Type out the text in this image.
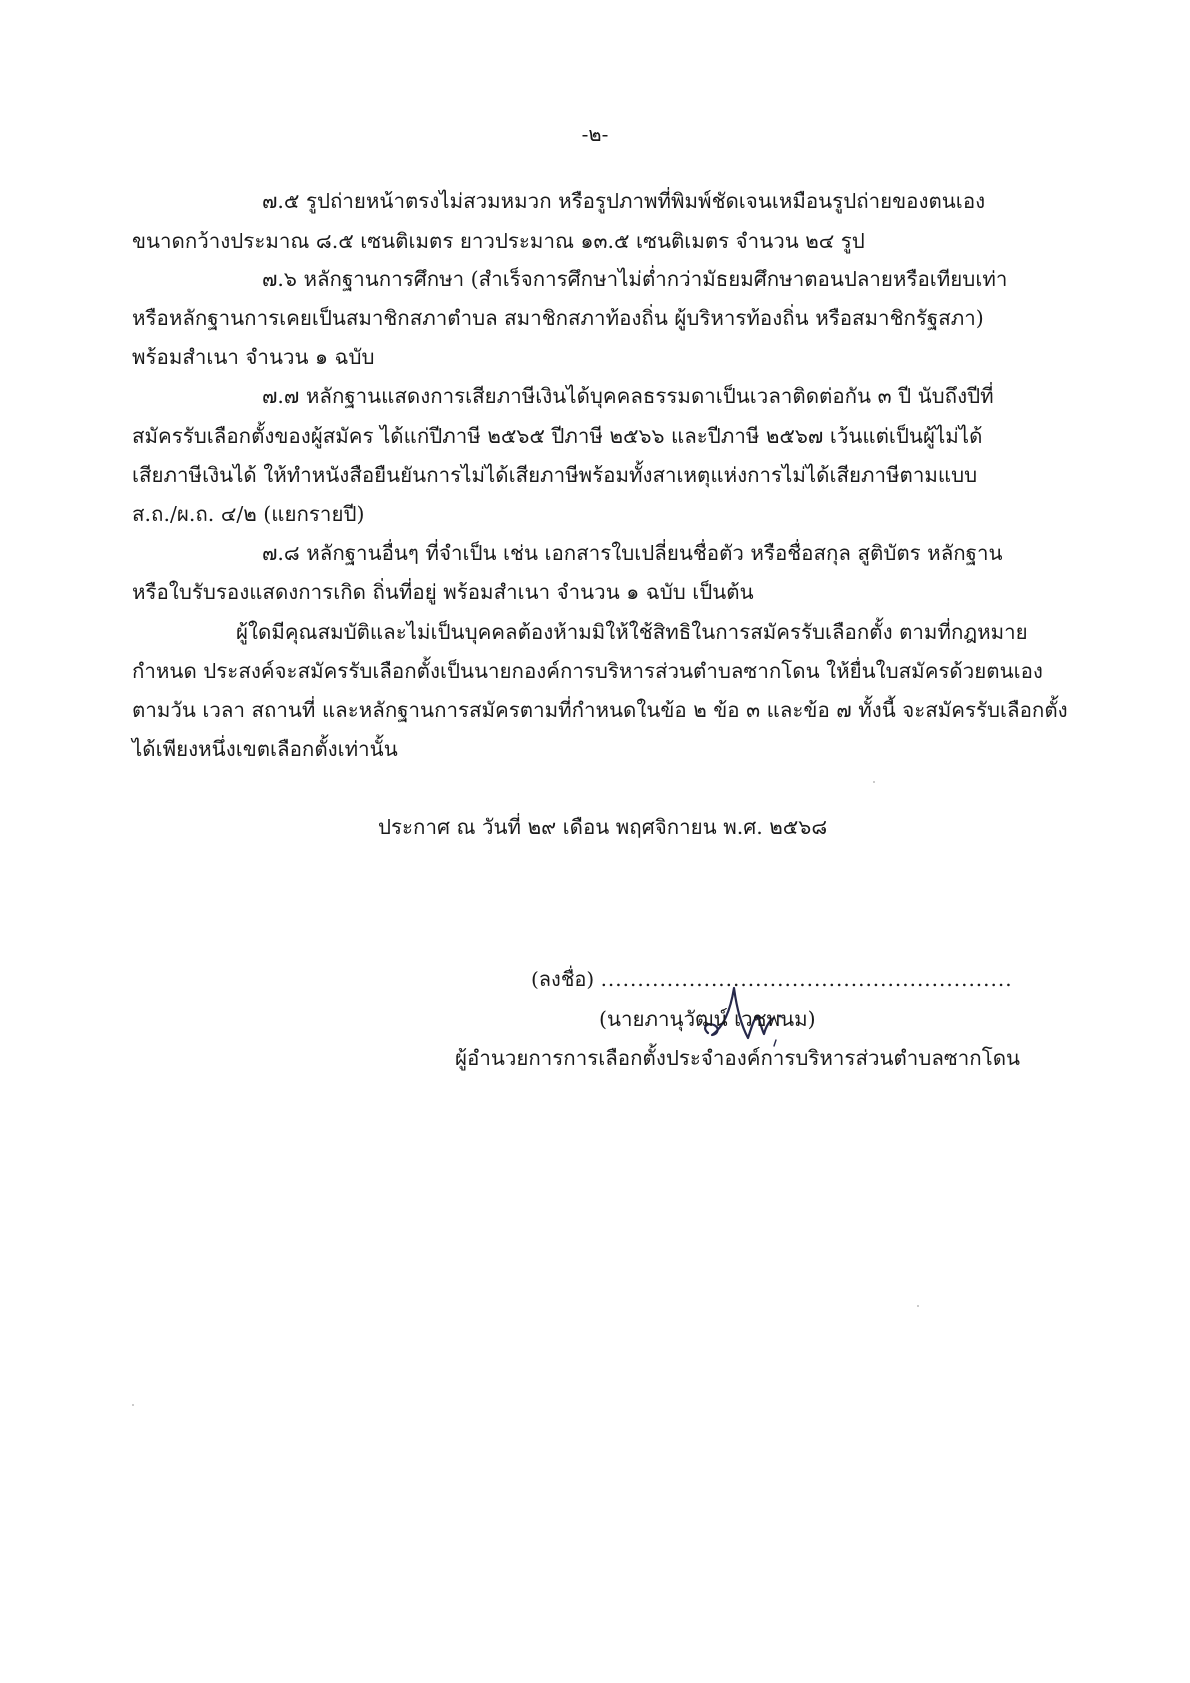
-๒-
๗.๕ รูปถ่ายหน้าตรงไม่สวมหมวก หรือรูปภาพที่พิมพ์ชัดเจนเหมือนรูปถ่ายของตนเอง
ขนาดกว้างประมาณ ๘.๕ เซนติเมตร ยาวประมาณ ๑๓.๕ เซนติเมตร จำนวน ๒๔ รูป
๗.๖ หลักฐานการศึกษา (สำเร็จการศึกษาไม่ต่ำกว่ามัธยมศึกษาตอนปลายหรือเทียบเท่า
หรือหลักฐานการเคยเป็นสมาชิกสภาตำบล สมาชิกสภาท้องถิ่น ผู้บริหารท้องถิ่น หรือสมาชิกรัฐสภา)
พร้อมสำเนา จำนวน ๑ ฉบับ
๗.๗ หลักฐานแสดงการเสียภาษีเงินได้บุคคลธรรมดาเป็นเวลาติดต่อกัน ๓ ปี นับถึงปีที่
สมัครรับเลือกตั้งของผู้สมัคร ได้แก่ปีภาษี ๒๕๖๕ ปีภาษี ๒๕๖๖ และปีภาษี ๒๕๖๗ เว้นแต่เป็นผู้ไม่ได้
เสียภาษีเงินได้ ให้ทำหนังสือยืนยันการไม่ได้เสียภาษีพร้อมทั้งสาเหตุแห่งการไม่ได้เสียภาษีตามแบบ
ส.ถ./ผ.ถ. ๔/๒ (แยกรายปี)
๗.๘ หลักฐานอื่นๆ ที่จำเป็น เช่น เอกสารใบเปลี่ยนชื่อตัว หรือชื่อสกุล สูติบัตร หลักฐาน
หรือใบรับรองแสดงการเกิด ถิ่นที่อยู่ พร้อมสำเนา จำนวน ๑ ฉบับ เป็นต้น
ผู้ใดมีคุณสมบัติและไม่เป็นบุคคลต้องห้ามมิให้ใช้สิทธิในการสมัครรับเลือกตั้ง ตามที่กฎหมาย
กำหนด ประสงค์จะสมัครรับเลือกตั้งเป็นนายกองค์การบริหารส่วนตำบลซากโดน ให้ยื่นใบสมัครด้วยตนเอง
ตามวัน เวลา สถานที่ และหลักฐานการสมัครตามที่กำหนดในข้อ ๒ ข้อ ๓ และข้อ ๗ ทั้งนี้ จะสมัครรับเลือกตั้ง
ได้เพียงหนึ่งเขตเลือกตั้งเท่านั้น
ประกาศ ณ วันที่ ๒๙ เดือน พฤศจิกายน พ.ศ. ๒๕๖๘
(ลงชื่อ) ........................................................
(นายภานุวัฒน์ เวชพนม)
ผู้อำนวยการการเลือกตั้งประจำองค์การบริหารส่วนตำบลซากโดน
